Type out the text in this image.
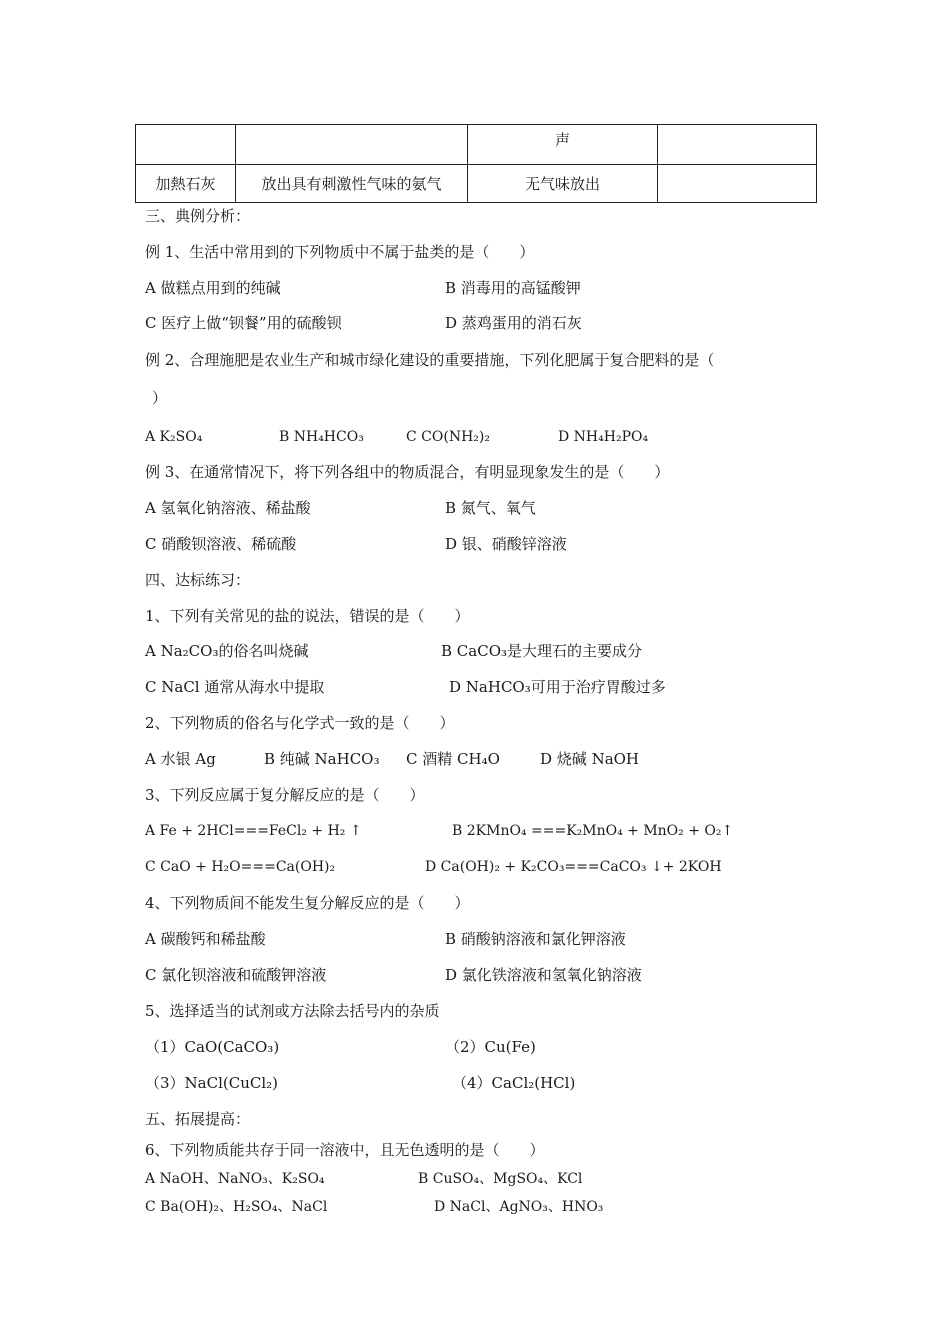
		声	
加熱石灰	放出具有刺激性气味的氨气	无气味放出	
三、典例分析：
例 1、生活中常用到的下列物质中不属于盐类的是（　　）
A 做糕点用到的纯碱	B 消毒用的高锰酸钾
C 医疗上做“钡餐”用的硫酸钡	D 蒸鸡蛋用的消石灰
例 2、合理施肥是农业生产和城市绿化建设的重要措施，下列化肥属于复合肥料的是（
）
A K₂SO₄	B NH₄HCO₃	C CO(NH₂)₂	D NH₄H₂PO₄
例 3、在通常情况下，将下列各组中的物质混合，有明显现象发生的是（　　）
A 氢氧化钠溶液、稀盐酸	B 氮气、氧气
C 硝酸钡溶液、稀硫酸	D 银、硝酸锌溶液
四、达标练习：
1、下列有关常见的盐的说法，错误的是（　　）
A Na₂CO₃的俗名叫烧碱	B CaCO₃是大理石的主要成分
C NaCl 通常从海水中提取	D NaHCO₃可用于治疗胃酸过多
2、下列物质的俗名与化学式一致的是（　　）
A 水银 Ag	B 纯碱 NaHCO₃ C 酒精 CH₄O	D 烧碱 NaOH
3、下列反应属于复分解反应的是（　　）
A Fe + 2HCl===FeCl₂ + H₂ ↑	B 2KMnO₄ ===K₂MnO₄ + MnO₂ + O₂↑
C CaO + H₂O===Ca(OH)₂	D Ca(OH)₂ + K₂CO₃===CaCO₃ ↓+ 2KOH
4、下列物质间不能发生复分解反应的是（　　）
A 碳酸钙和稀盐酸	B 硝酸钠溶液和氯化钾溶液
C 氯化钡溶液和硫酸钾溶液	D 氯化铁溶液和氢氧化钠溶液
5、选择适当的试剂或方法除去括号内的杂质
（1）CaO(CaCO₃)	（2）Cu(Fe)
（3）NaCl(CuCl₂)	（4）CaCl₂(HCl)
五、拓展提高：
6、下列物质能共存于同一溶液中，且无色透明的是（　　）
A NaOH、NaNO₃、K₂SO₄	B CuSO₄、MgSO₄、KCl
C Ba(OH)₂、H₂SO₄、NaCl	D NaCl、AgNO₃、HNO₃
